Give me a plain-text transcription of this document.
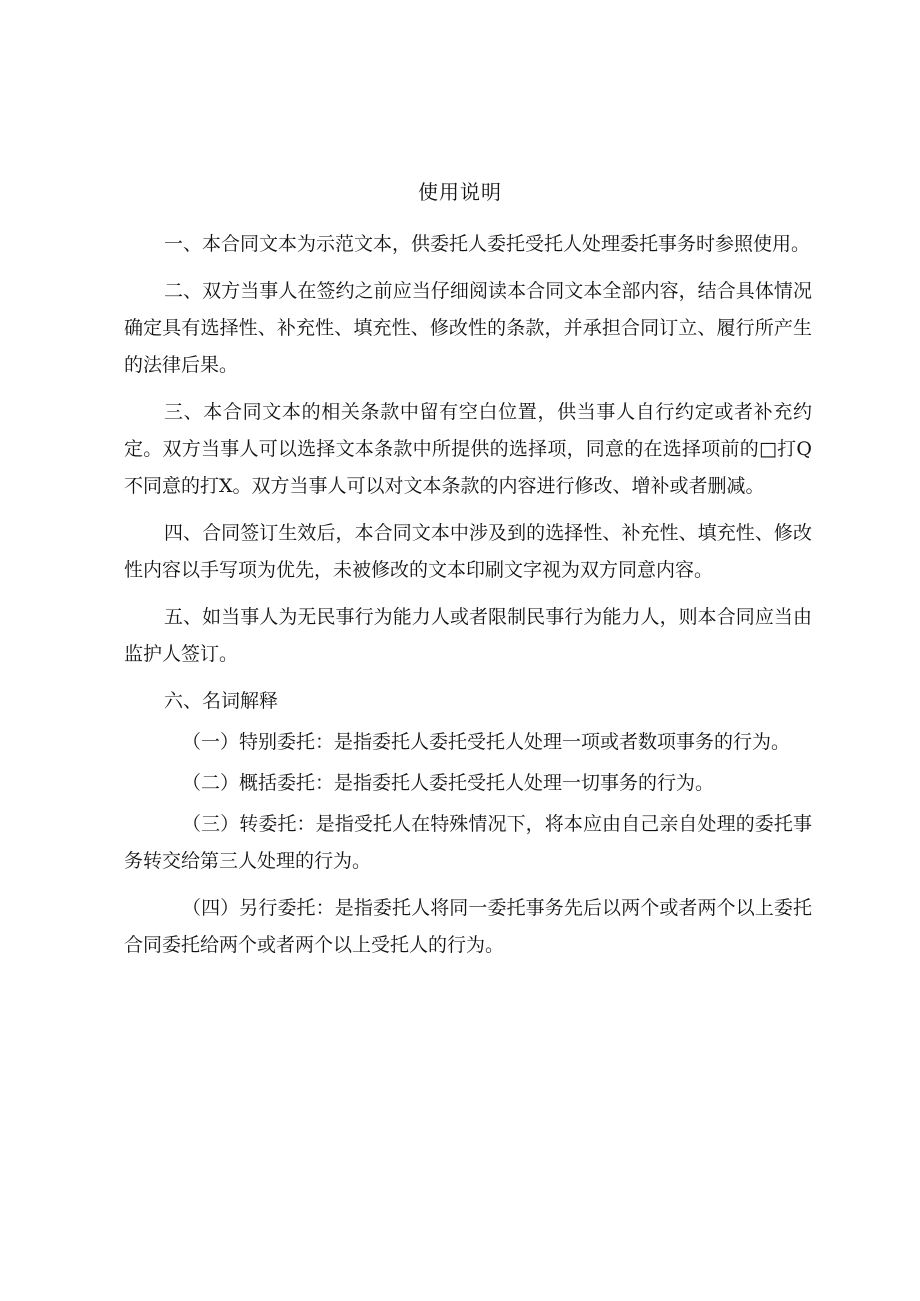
使用说明

一、本合同文本为示范文本，供委托人委托受托人处理委托事务时参照使用。

二、双方当事人在签约之前应当仔细阅读本合同文本全部内容，结合具体情况确定具有选择性、补充性、填充性、修改性的条款，并承担合同订立、履行所产生的法律后果。

三、本合同文本的相关条款中留有空白位置，供当事人自行约定或者补充约定。双方当事人可以选择文本条款中所提供的选择项，同意的在选择项前的□打Q不同意的打X。双方当事人可以对文本条款的内容进行修改、增补或者删减。

四、合同签订生效后，本合同文本中涉及到的选择性、补充性、填充性、修改性内容以手写项为优先，未被修改的文本印刷文字视为双方同意内容。

五、如当事人为无民事行为能力人或者限制民事行为能力人，则本合同应当由监护人签订。

六、名词解释

（一）特别委托：是指委托人委托受托人处理一项或者数项事务的行为。

（二）概括委托：是指委托人委托受托人处理一切事务的行为。

（三）转委托：是指受托人在特殊情况下，将本应由自己亲自处理的委托事务转交给第三人处理的行为。

（四）另行委托：是指委托人将同一委托事务先后以两个或者两个以上委托合同委托给两个或者两个以上受托人的行为。
